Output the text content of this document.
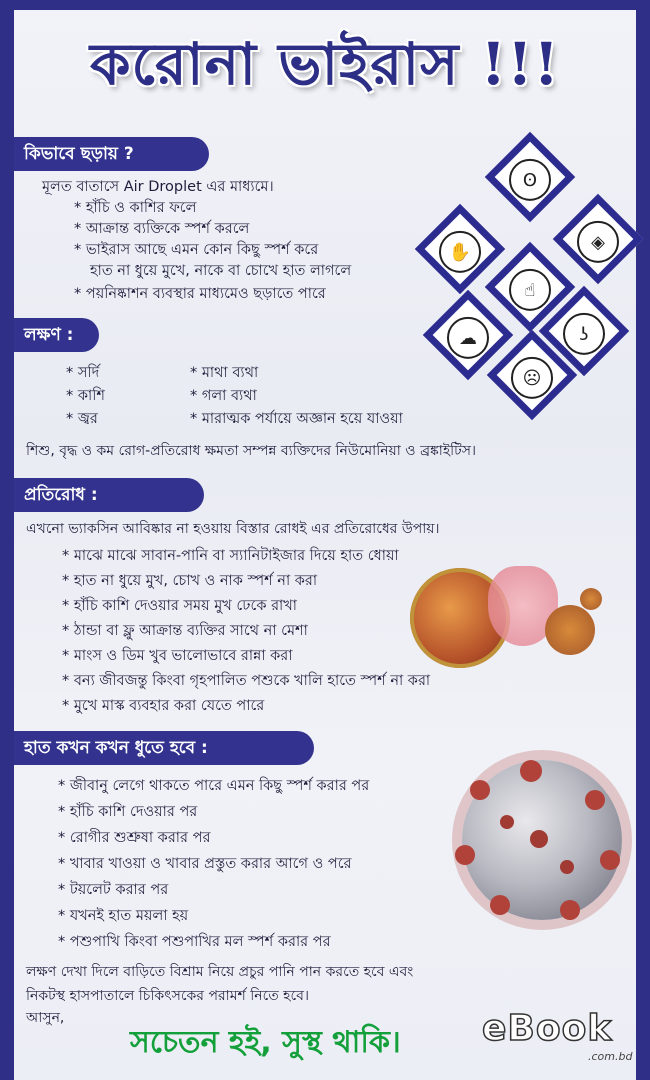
করোনা ভাইরাস !!!
কিভাবে ছড়ায় ?
মূলত বাতাসে Air Droplet এর মাধ্যমে।
* হাঁচি ও কাশির ফলে
* আক্রান্ত ব্যক্তিকে স্পর্শ করলে
* ভাইরাস আছে এমন কোন কিছু স্পর্শ করে
হাত না ধুয়ে মুখে, নাকে বা চোখে হাত লাগলে
* পয়নিষ্কাশন ব্যবস্থার মাধ্যমেও ছড়াতে পারে
ʘ
✋	◈
☝
☁	ʖ
☹
লক্ষণ :
* সর্দি
* কাশি
* জ্বর
* মাথা ব্যথা
* গলা ব্যথা
* মারাত্মক পর্যায়ে অজ্ঞান হয়ে যাওয়া
শিশু, বৃদ্ধ ও কম রোগ-প্রতিরোধ ক্ষমতা সম্পন্ন ব্যক্তিদের নিউমোনিয়া ও ব্রঙ্কাইটিস।
প্রতিরোধ :
এখনো ভ্যাকসিন আবিষ্কার না হওয়ায় বিস্তার রোধই এর প্রতিরোধের উপায়।
* মাঝে মাঝে সাবান-পানি বা স্যানিটাইজার দিয়ে হাত ধোয়া
* হাত না ধুয়ে মুখ, চোখ ও নাক স্পর্শ না করা
* হাঁচি কাশি দেওয়ার সময় মুখ ঢেকে রাখা
* ঠান্ডা বা ফ্লু আক্রান্ত ব্যক্তির সাথে না মেশা
* মাংস ও ডিম খুব ভালোভাবে রান্না করা
* বন্য জীবজন্তু কিংবা গৃহপালিত পশুকে খালি হাতে স্পর্শ না করা
* মুখে মাস্ক ব্যবহার করা যেতে পারে
হাত কখন কখন ধুতে হবে :
* জীবানু লেগে থাকতে পারে এমন কিছু স্পর্শ করার পর
* হাঁচি কাশি দেওয়ার পর
* রোগীর শুশ্রুষা করার পর
* খাবার খাওয়া ও খাবার প্রস্তুত করার আগে ও পরে
* টয়লেট করার পর
* যখনই হাত ময়লা হয়
* পশুপাখি কিংবা পশুপাখির মল স্পর্শ করার পর
লক্ষণ দেখা দিলে বাড়িতে বিশ্রাম নিয়ে প্রচুর পানি পান করতে হবে এবং
নিকটস্থ হাসপাতালে চিকিৎসকের পরামর্শ নিতে হবে।
আসুন,
সচেতন হই, সুস্থ থাকি। eBook
.com.bd
